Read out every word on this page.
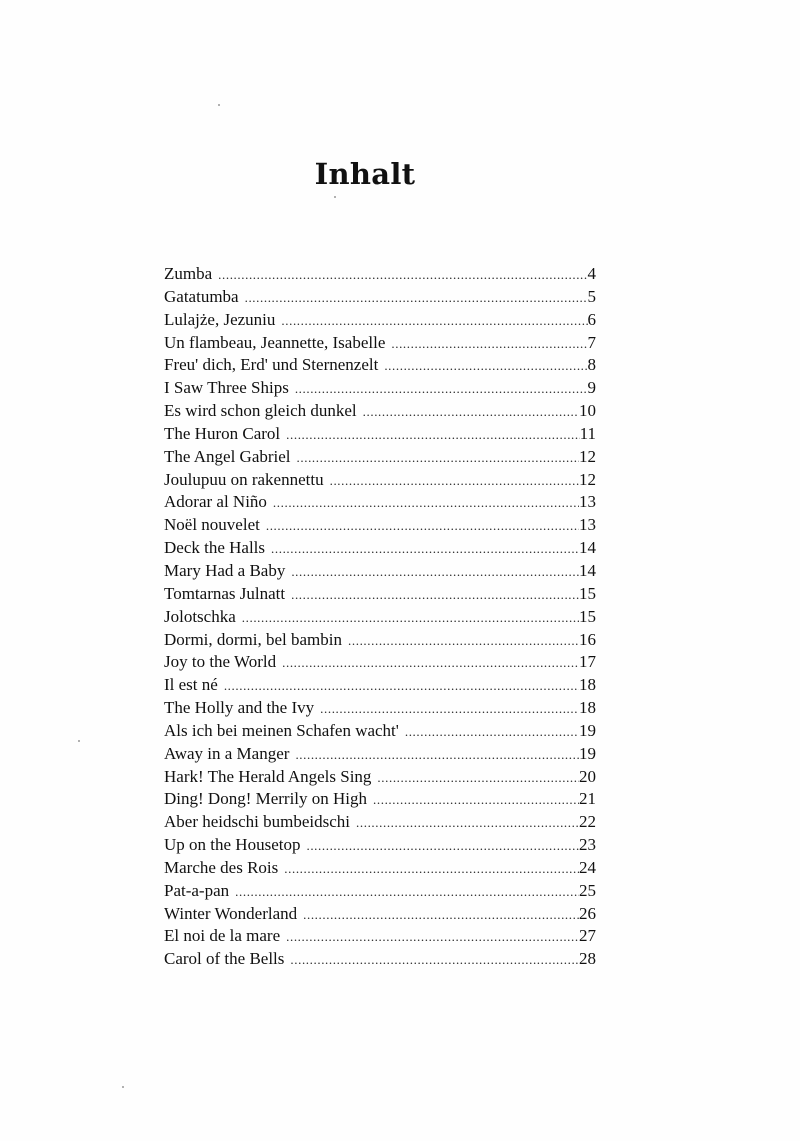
Inhalt
Zumba .....	4
Gatatumba .....	5
Lulajże, Jezuniu .....	6
Un flambeau, Jeannette, Isabelle .....	7
Freu' dich, Erd' und Sternenzelt .....	8
I Saw Three Ships .....	9
Es wird schon gleich dunkel .....	10
The Huron Carol .....	11
The Angel Gabriel .....	12
Joulupuu on rakennettu .....	12
Adorar al Niño .....	13
Noël nouvelet .....	13
Deck the Halls .....	14
Mary Had a Baby .....	14
Tomtarnas Julnatt .....	15
Jolotschka .....	15
Dormi, dormi, bel bambin .....	16
Joy to the World .....	17
Il est né .....	18
The Holly and the Ivy .....	18
Als ich bei meinen Schafen wacht' .....	19
Away in a Manger .....	19
Hark! The Herald Angels Sing .....	20
Ding! Dong! Merrily on High .....	21
Aber heidschi bumbeidschi .....	22
Up on the Housetop .....	23
Marche des Rois .....	24
Pat-a-pan .....	25
Winter Wonderland .....	26
El noi de la mare .....	27
Carol of the Bells .....	28
